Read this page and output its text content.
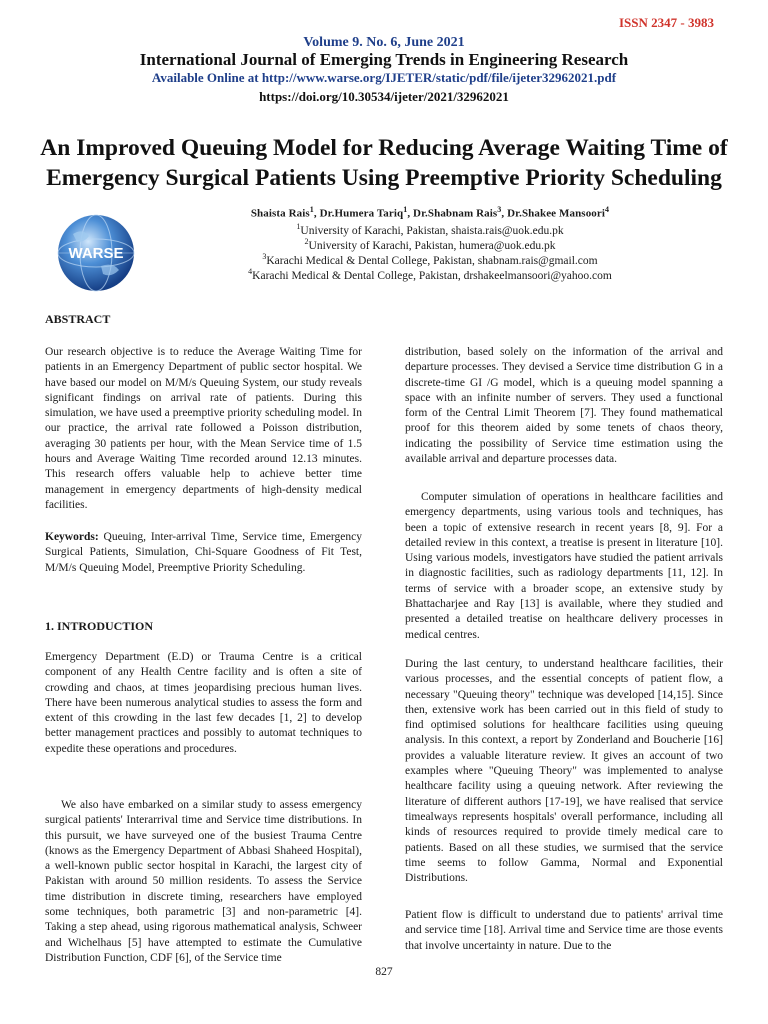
ISSN 2347 - 3983
Volume 9. No. 6, June 2021
International Journal of Emerging Trends in Engineering Research
Available Online at http://www.warse.org/IJETER/static/pdf/file/ijeter32962021.pdf
https://doi.org/10.30534/ijeter/2021/32962021
An Improved Queuing Model for Reducing Average Waiting Time of
Emergency Surgical Patients Using Preemptive Priority Scheduling
Shaista Rais$^1$, Dr.Humera Tariq$^1$, Dr.Shabnam Rais$^3$, Dr.Shakee Mansoori$^4$
$^1$University of Karachi, Pakistan, shaista.rais@uok.edu.pk
$^2$University of Karachi, Pakistan, humera@uok.edu.pk
$^3$Karachi Medical & Dental College, Pakistan, shabnam.rais@gmail.com
$^4$Karachi Medical & Dental College, Pakistan, drshakeelmansoori@yahoo.com
WARSE
ABSTRACT

Our research objective is to reduce the Average Waiting Time for patients in an Emergency Department of public sector hospital. We have based our model on M/M/s Queuing System, our study reveals significant findings on arrival rate of patients. During this simulation, we have used a preemptive priority scheduling model. In our practice, the arrival rate followed a Poisson distribution, averaging 30 patients per hour, with the Mean Service time of 1.5 hours and Average Waiting Time recorded around 12.13 minutes. This research offers valuable help to achieve better time management in emergency departments of high-density medical facilities.

Keywords: Queuing, Inter-arrival Time, Service time, Emergency Surgical Patients, Simulation, Chi-Square Goodness of Fit Test, M/M/s Queuing Model, Preemptive Priority Scheduling.

1. INTRODUCTION

Emergency Department (E.D) or Trauma Centre is a critical component of any Health Centre facility and is often a site of crowding and chaos, at times jeopardising precious human lives. There have been numerous analytical studies to assess the form and extent of this crowding in the last few decades [1, 2] to develop better management practices and possibly to automat techniques to expedite these operations and procedures.

We also have embarked on a similar study to assess emergency surgical patients' Interarrival time and Service time distributions. In this pursuit, we have surveyed one of the busiest Trauma Centre (knows as the Emergency Department of Abbasi Shaheed Hospital), a well-known public sector hospital in Karachi, the largest city of Pakistan with around 50 million residents. To assess the Service time distribution in discrete timing, researchers have employed some techniques, both parametric [3] and non-parametric [4]. Taking a step ahead, using rigorous mathematical analysis, Schweer and Wichelhaus [5] have attempted to estimate the Cumulative Distribution Function, CDF [6], of the Service time

distribution, based solely on the information of the arrival and departure processes. They devised a Service time distribution G in a discrete-time GI /G model, which is a queuing model spanning a space with an infinite number of servers. They used a functional form of the Central Limit Theorem [7]. They found mathematical proof for this theorem aided by some tenets of chaos theory, indicating the possibility of Service time estimation using the available arrival and departure processes data.

Computer simulation of operations in healthcare facilities and emergency departments, using various tools and techniques, has been a topic of extensive research in recent years [8, 9]. For a detailed review in this context, a treatise is present in literature [10]. Using various models, investigators have studied the patient arrivals in diagnostic facilities, such as radiology departments [11, 12]. In terms of service with a broader scope, an extensive study by Bhattacharjee and Ray [13] is available, where they studied and presented a detailed treatise on healthcare delivery processes in medical centres.

During the last century, to understand healthcare facilities, their various processes, and the essential concepts of patient flow, a necessary "Queuing theory" technique was developed [14,15]. Since then, extensive work has been carried out in this field of study to find optimised solutions for healthcare facilities using queuing analysis. In this context, a report by Zonderland and Boucherie [16] provides a valuable literature review. It gives an account of two examples where "Queuing Theory" was implemented to analyse healthcare facility using a queuing network. After reviewing the literature of different authors [17-19], we have realised that service timealways represents hospitals' overall performance, including all kinds of resources required to provide timely medical care to patients. Based on all these studies, we surmised that the service time seems to follow Gamma, Normal and Exponential Distributions.

Patient flow is difficult to understand due to patients' arrival time and service time [18]. Arrival time and Service time are those events that involve uncertainty in nature. Due to the

827
